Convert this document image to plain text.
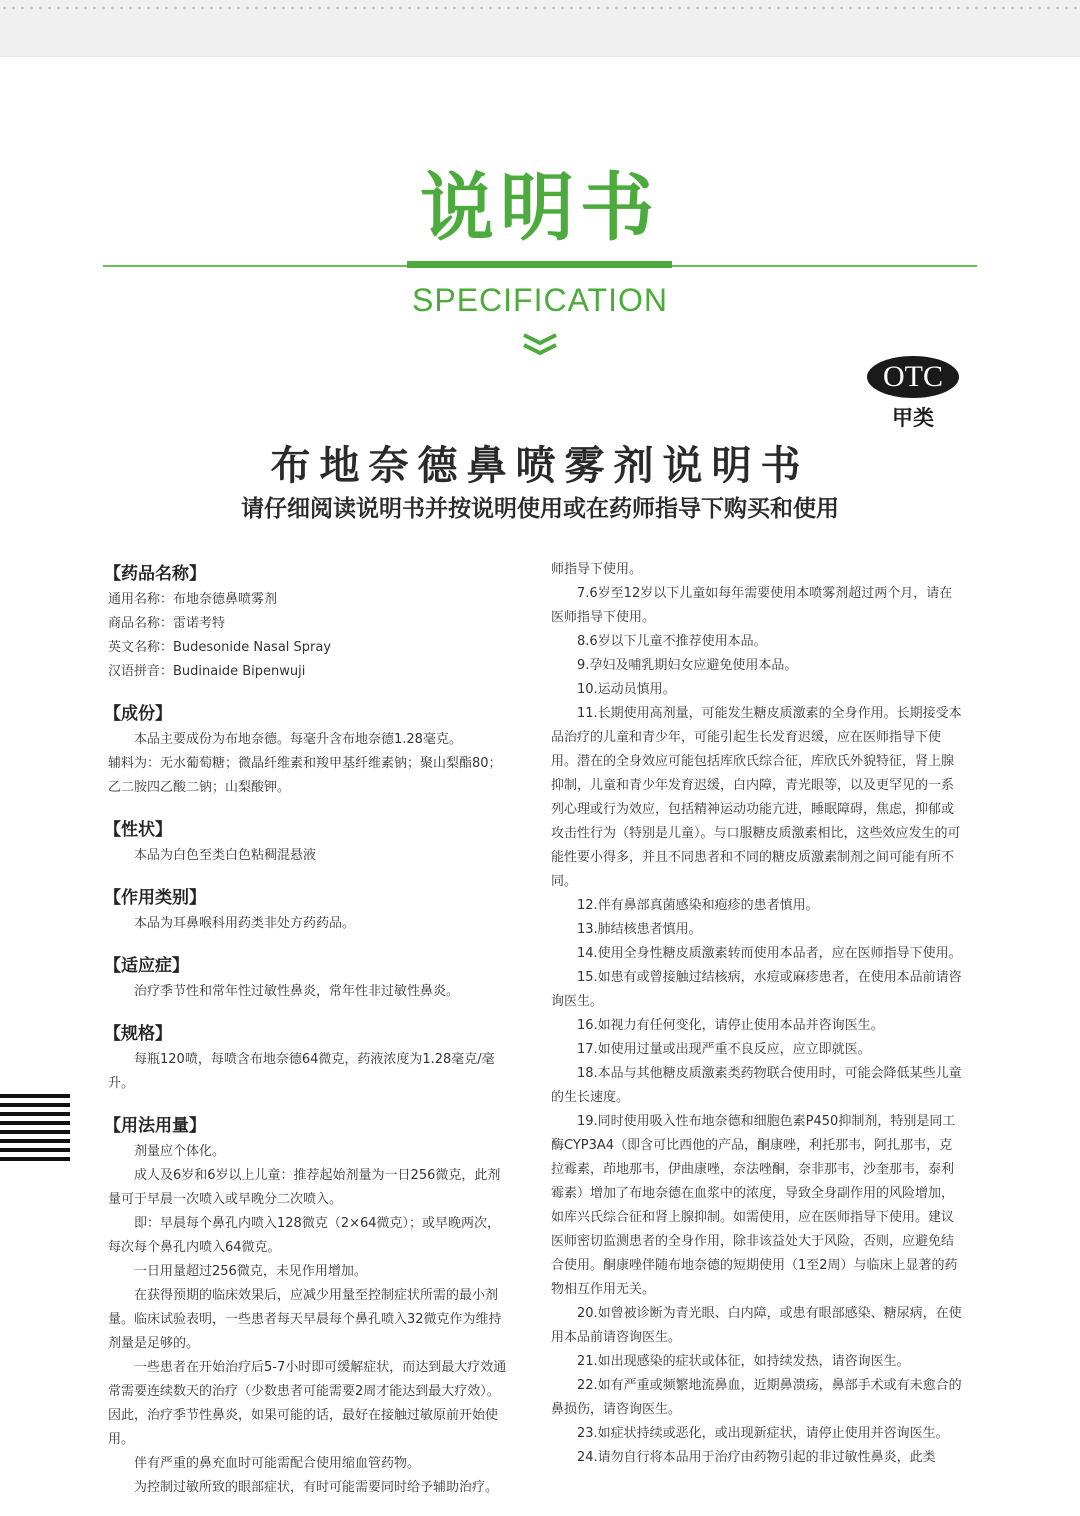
说明书
SPECIFICATION
OTC
甲类
布地奈德鼻喷雾剂说明书
请仔细阅读说明书并按说明使用或在药师指导下购买和使用
【药品名称】

通用名称：布地奈德鼻喷雾剂

商品名称：雷诺考特

英文名称：Budesonide Nasal Spray

汉语拼音：Budinaide Bipenwuji

【成份】

本品主要成份为布地奈德。每毫升含布地奈德1.28毫克。

辅料为：无水葡萄糖；微晶纤维素和羧甲基纤维素钠；聚山梨酯80；乙二胺四乙酸二钠；山梨酸钾。

【性状】

本品为白色至类白色粘稠混悬液

【作用类别】

本品为耳鼻喉科用药类非处方药药品。

【适应症】

治疗季节性和常年性过敏性鼻炎，常年性非过敏性鼻炎。

【规格】

每瓶120喷，每喷含布地奈德64微克，药液浓度为1.28毫克/毫升。

【用法用量】

剂量应个体化。

成人及6岁和6岁以上儿童：推荐起始剂量为一日256微克，此剂量可于早晨一次喷入或早晚分二次喷入。

即：早晨每个鼻孔内喷入128微克（2×64微克）；或早晚两次，每次每个鼻孔内喷入64微克。

一日用量超过256微克，未见作用增加。

在获得预期的临床效果后，应减少用量至控制症状所需的最小剂量。临床试验表明，一些患者每天早晨每个鼻孔喷入32微克作为维持剂量是足够的。

一些患者在开始治疗后5-7小时即可缓解症状，而达到最大疗效通常需要连续数天的治疗（少数患者可能需要2周才能达到最大疗效）。因此，治疗季节性鼻炎，如果可能的话，最好在接触过敏原前开始使用。

伴有严重的鼻充血时可能需配合使用缩血管药物。

为控制过敏所致的眼部症状，有时可能需要同时给予辅助治疗。

师指导下使用。

7.6岁至12岁以下儿童如每年需要使用本喷雾剂超过两个月，请在医师指导下使用。

8.6岁以下儿童不推荐使用本品。

9.孕妇及哺乳期妇女应避免使用本品。

10.运动员慎用。

11.长期使用高剂量，可能发生糖皮质激素的全身作用。长期接受本品治疗的儿童和青少年，可能引起生长发育迟缓，应在医师指导下使用。潜在的全身效应可能包括库欣氏综合征，库欣氏外貌特征，肾上腺抑制，儿童和青少年发育迟缓，白内障，青光眼等，以及更罕见的一系列心理或行为效应，包括精神运动功能亢进，睡眠障碍，焦虑，抑郁或攻击性行为（特别是儿童）。与口服糖皮质激素相比，这些效应发生的可能性要小得多，并且不同患者和不同的糖皮质激素制剂之间可能有所不同。

12.伴有鼻部真菌感染和疱疹的患者慎用。

13.肺结核患者慎用。

14.使用全身性糖皮质激素转而使用本品者，应在医师指导下使用。

15.如患有或曾接触过结核病，水痘或麻疹患者，在使用本品前请咨询医生。

16.如视力有任何变化，请停止使用本品并咨询医生。

17.如使用过量或出现严重不良反应，应立即就医。

18.本品与其他糖皮质激素类药物联合使用时，可能会降低某些儿童的生长速度。

19.同时使用吸入性布地奈德和细胞色素P450抑制剂，特别是同工酶CYP3A4（即含可比西他的产品，酮康唑，利托那韦，阿扎那韦，克拉霉素，茚地那韦，伊曲康唑，奈法唑酮，奈非那韦，沙奎那韦，泰利霉素）增加了布地奈德在血浆中的浓度，导致全身副作用的风险增加，如库兴氏综合征和肾上腺抑制。如需使用，应在医师指导下使用。建议医师密切监测患者的全身作用，除非该益处大于风险，否则，应避免结合使用。酮康唑伴随布地奈德的短期使用（1至2周）与临床上显著的药物相互作用无关。

20.如曾被诊断为青光眼、白内障，或患有眼部感染、糖尿病，在使用本品前请咨询医生。

21.如出现感染的症状或体征，如持续发热，请咨询医生。

22.如有严重或频繁地流鼻血，近期鼻溃疡，鼻部手术或有未愈合的鼻损伤，请咨询医生。

23.如症状持续或恶化，或出现新症状，请停止使用并咨询医生。

24.请勿自行将本品用于治疗由药物引起的非过敏性鼻炎，此类
